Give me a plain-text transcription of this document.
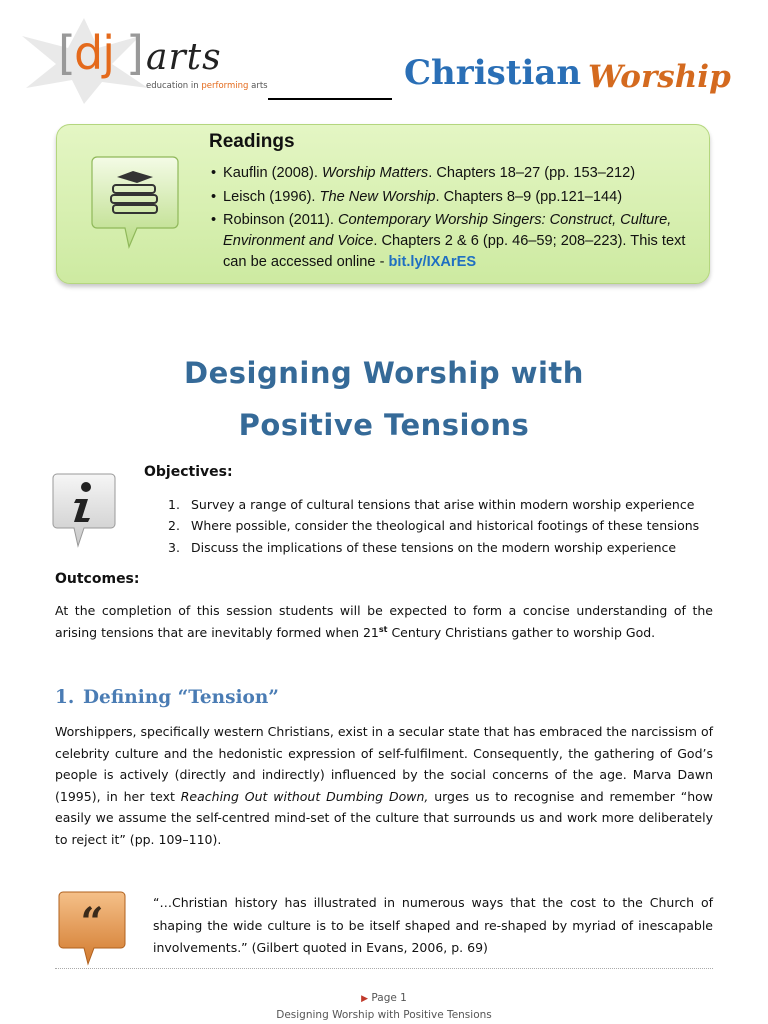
[
dj ] arts
education in performing arts	Christian Worship
Readings
• Kauflin (2008). Worship Matters. Chapters 18–27 (pp. 153–212)
• Leisch (1996). The New Worship. Chapters 8–9 (pp.121–144)
• Robinson (2011). Contemporary Worship Singers: Construct, Culture, Environment and Voice. Chapters 2 & 6 (pp. 46–59; 208–223). This text can be accessed online - bit.ly/IXArES
Designing Worship with
Positive Tensions
Objectives:
1. Survey a range of cultural tensions that arise within modern worship experience
2. Where possible, consider the theological and historical footings of these tensions
3. Discuss the implications of these tensions on the modern worship experience
Outcomes:
At the completion of this session students will be expected to form a concise understanding of the arising tensions that are inevitably formed when 21st Century Christians gather to worship God.
1. Defining “Tension”
Worshippers, specifically western Christians, exist in a secular state that has embraced the narcissism of celebrity culture and the hedonistic expression of self-fulfilment. Consequently, the gathering of God’s people is actively (directly and indirectly) influenced by the social concerns of the age. Marva Dawn (1995), in her text Reaching Out without Dumbing Down, urges us to recognise and remember “how easily we assume the self-centred mind-set of the culture that surrounds us and work more deliberately to reject it” (pp. 109–110).
“	“…Christian history has illustrated in numerous ways that the cost to the Church of shaping the wide culture is to be itself shaped and re-shaped by myriad of inescapable involvements.” (Gilbert quoted in Evans, 2006, p. 69)
▶ Page 1
Designing Worship with Positive Tensions
